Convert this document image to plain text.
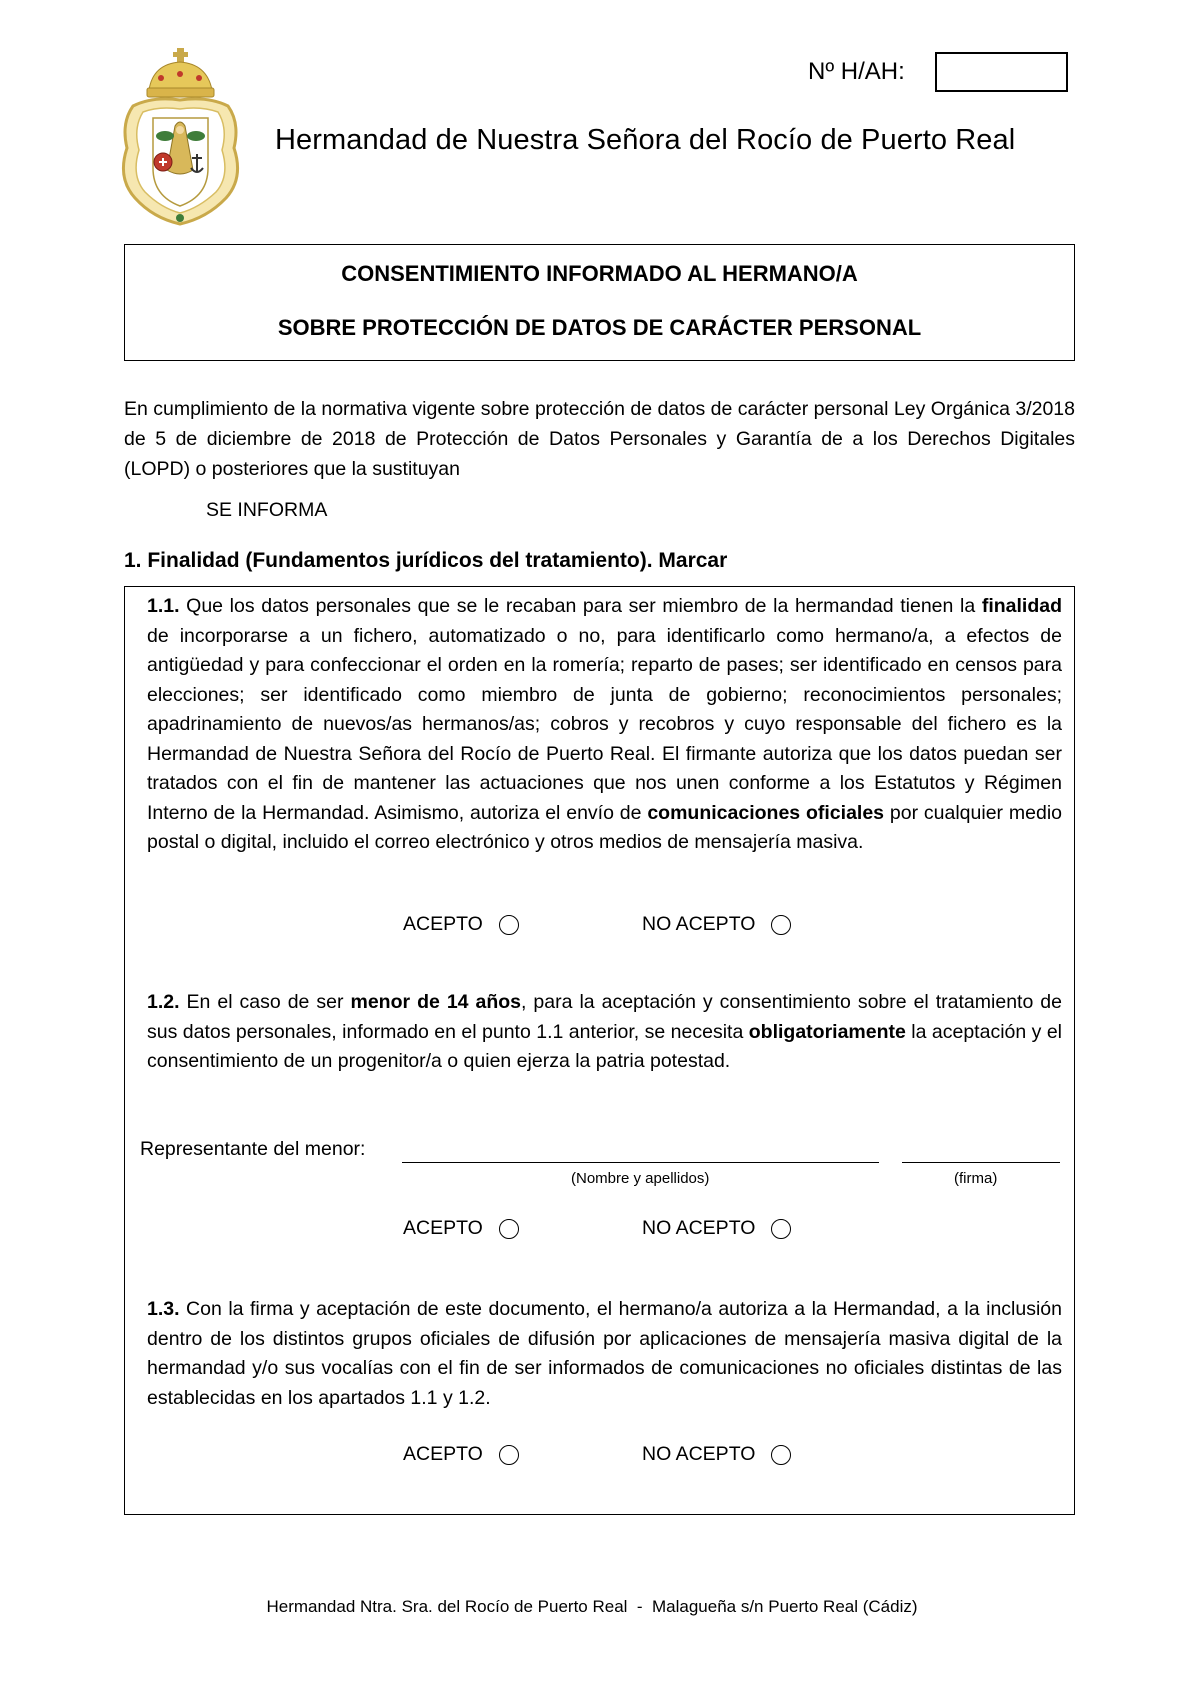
Nº H/AH:
Hermandad de Nuestra Señora del Rocío de Puerto Real
CONSENTIMIENTO INFORMADO AL HERMANO/A
SOBRE PROTECCIÓN DE DATOS DE CARÁCTER PERSONAL
En cumplimiento de la normativa vigente sobre protección de datos de carácter personal Ley Orgánica 3/2018 de 5 de diciembre de 2018 de Protección de Datos Personales y Garantía de a los Derechos Digitales (LOPD) o posteriores que la sustituyan
SE INFORMA
1. Finalidad (Fundamentos jurídicos del tratamiento). Marcar
1.1. Que los datos personales que se le recaban para ser miembro de la hermandad tienen la finalidad de incorporarse a un fichero, automatizado o no, para identificarlo como hermano/a, a efectos de antigüedad y para confeccionar el orden en la romería; reparto de pases; ser identificado en censos para elecciones; ser identificado como miembro de junta de gobierno; reconocimientos personales; apadrinamiento de nuevos/as hermanos/as; cobros y recobros y cuyo responsable del fichero es la Hermandad de Nuestra Señora del Rocío de Puerto Real. El firmante autoriza que los datos puedan ser tratados con el fin de mantener las actuaciones que nos unen conforme a los Estatutos y Régimen Interno de la Hermandad. Asimismo, autoriza el envío de comunicaciones oficiales por cualquier medio postal o digital, incluido el correo electrónico y otros medios de mensajería masiva.
ACEPTO	NO ACEPTO
1.2. En el caso de ser menor de 14 años, para la aceptación y consentimiento sobre el tratamiento de sus datos personales, informado en el punto 1.1 anterior, se necesita obligatoriamente la aceptación y el consentimiento de un progenitor/a o quien ejerza la patria potestad.
Representante del menor:
(Nombre y apellidos)	(firma)
ACEPTO	NO ACEPTO
1.3. Con la firma y aceptación de este documento, el hermano/a autoriza a la Hermandad, a la inclusión dentro de los distintos grupos oficiales de difusión por aplicaciones de mensajería masiva digital de la hermandad y/o sus vocalías con el fin de ser informados de comunicaciones no oficiales distintas de las establecidas en los apartados 1.1 y 1.2.
ACEPTO	NO ACEPTO
Hermandad Ntra. Sra. del Rocío de Puerto Real  -  Malagueña s/n Puerto Real (Cádiz)
